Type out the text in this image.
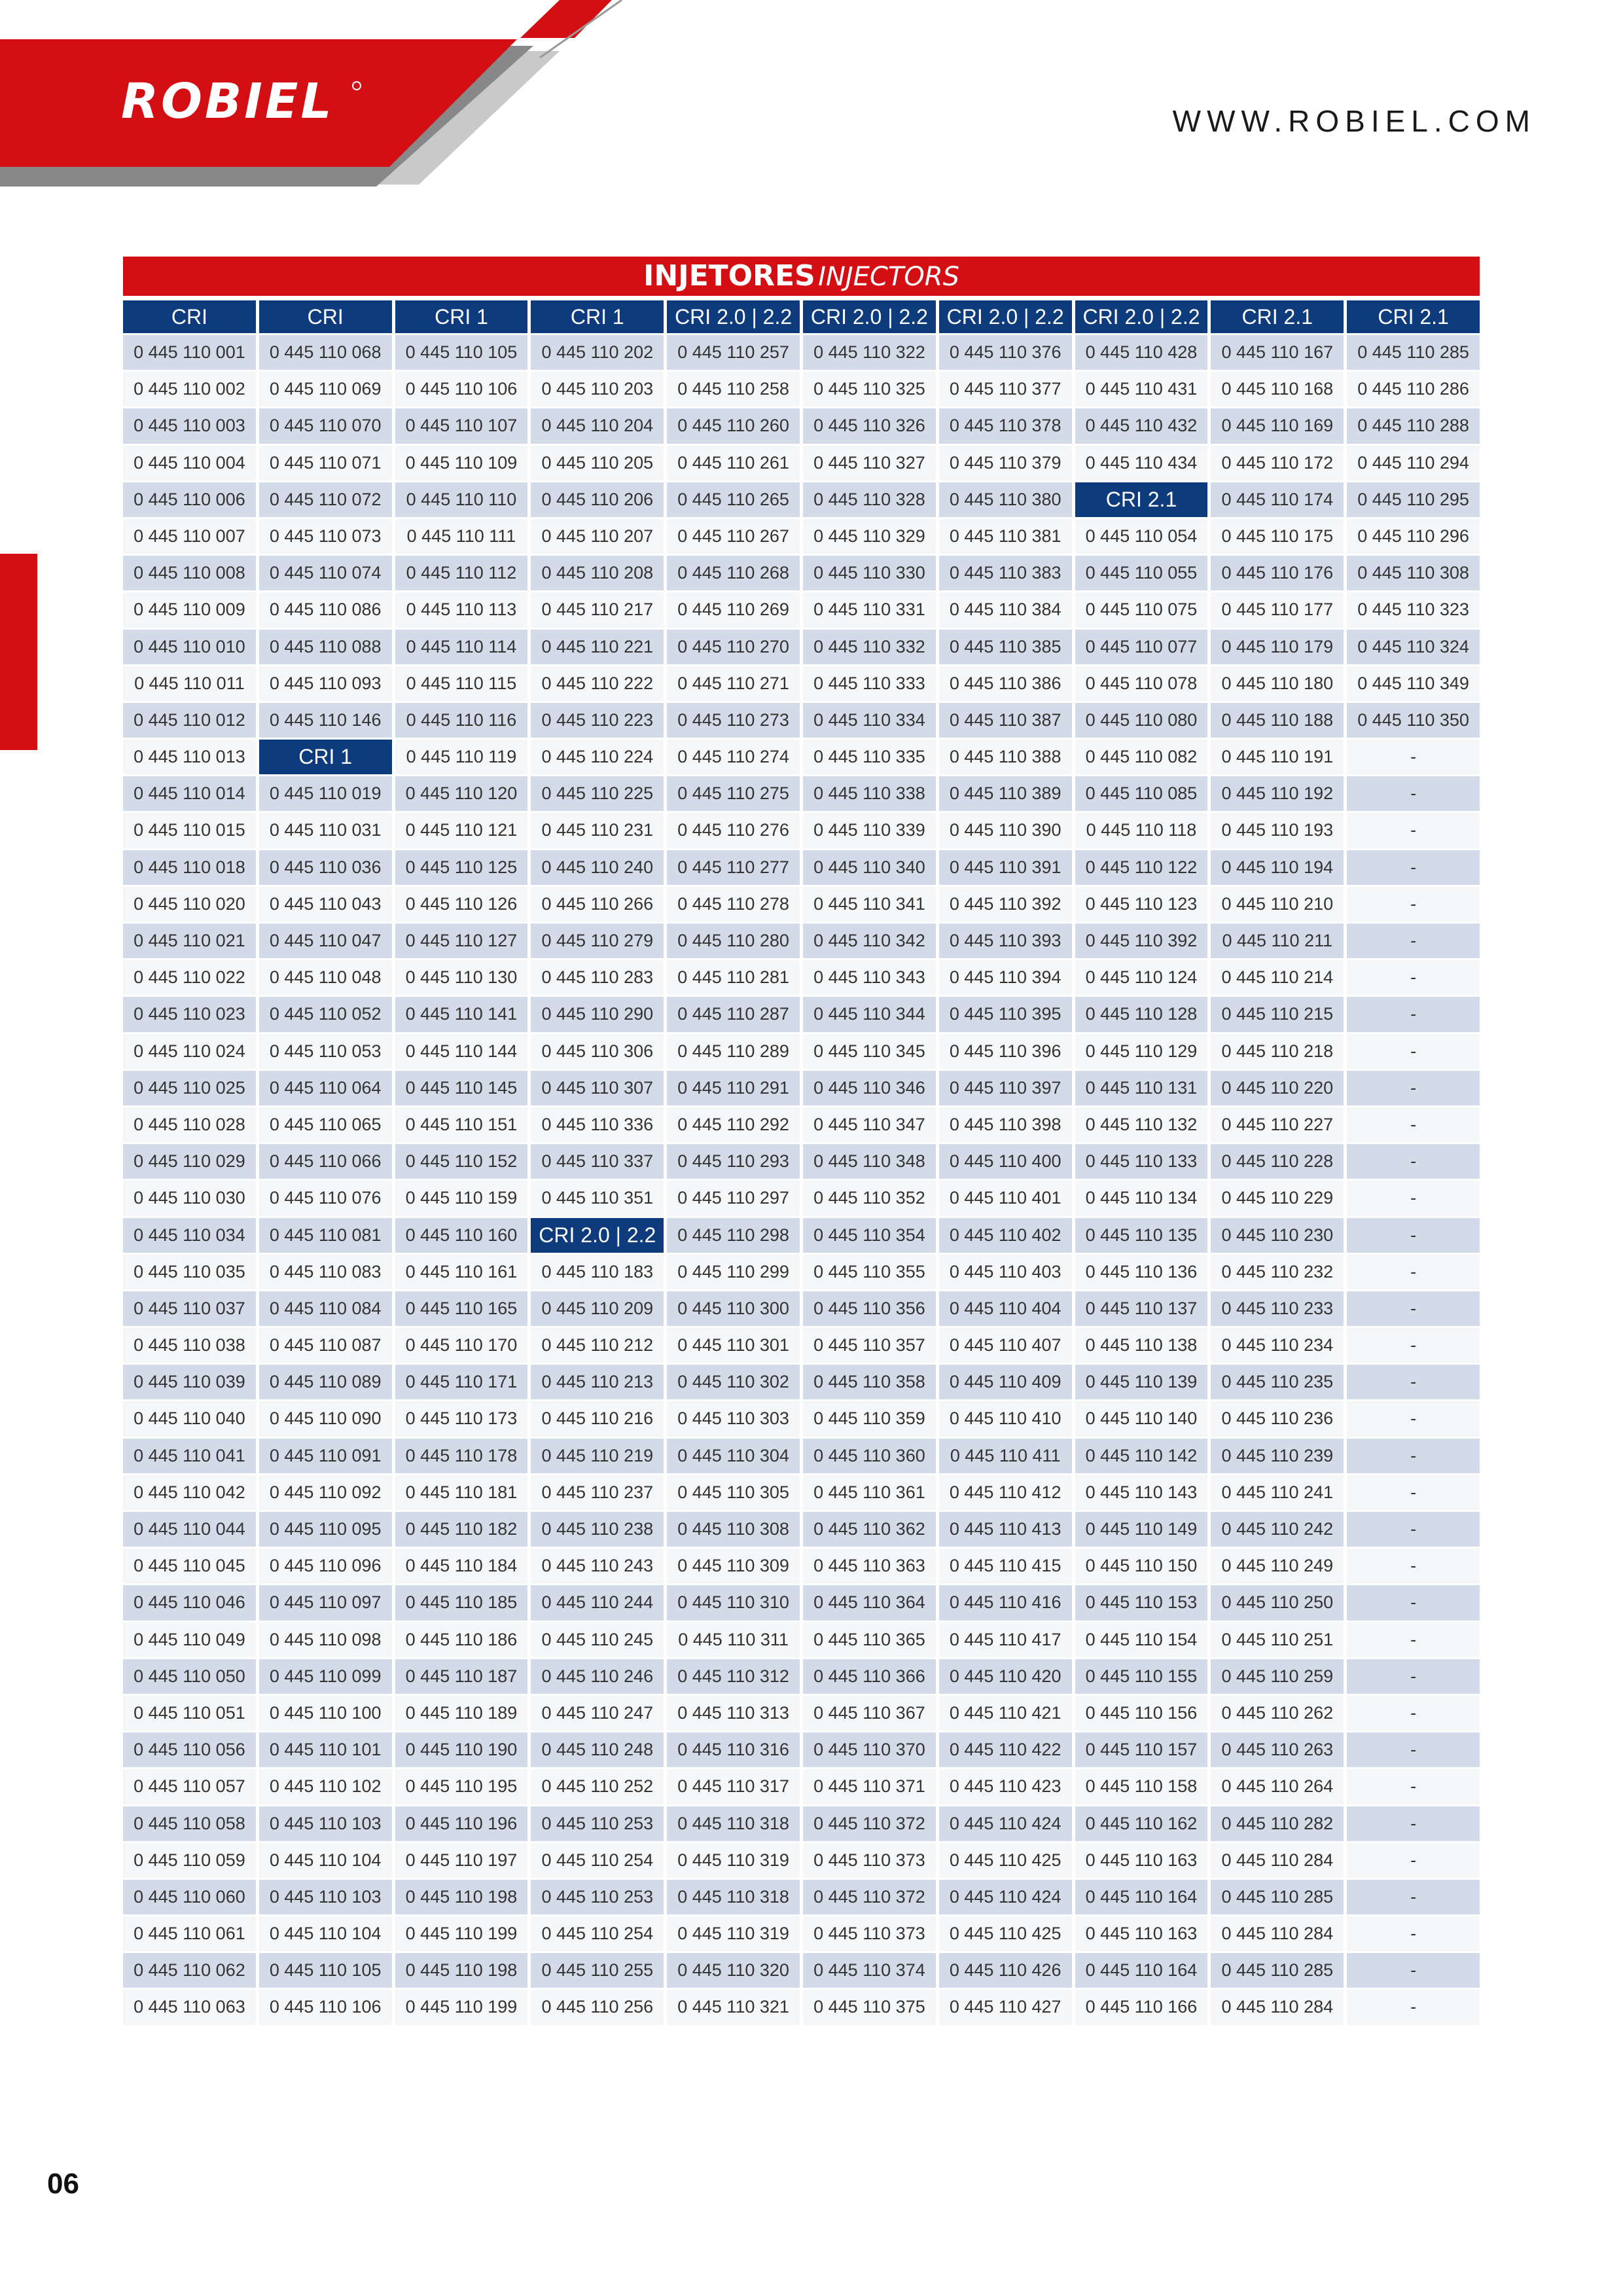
ROBIEL	WWW.ROBIEL.COM
INJETORES INJECTORS
CRI
0 445 110 001
0 445 110 002
0 445 110 003
0 445 110 004
0 445 110 006
0 445 110 007
0 445 110 008
0 445 110 009
0 445 110 010
0 445 110 011
0 445 110 012
0 445 110 013
0 445 110 014
0 445 110 015
0 445 110 018
0 445 110 020
0 445 110 021
0 445 110 022
0 445 110 023
0 445 110 024
0 445 110 025
0 445 110 028
0 445 110 029
0 445 110 030
0 445 110 034
0 445 110 035
0 445 110 037
0 445 110 038
0 445 110 039
0 445 110 040
0 445 110 041
0 445 110 042
0 445 110 044
0 445 110 045
0 445 110 046
0 445 110 049
0 445 110 050
0 445 110 051
0 445 110 056
0 445 110 057
0 445 110 058
0 445 110 059
0 445 110 060
0 445 110 061
0 445 110 062
0 445 110 063
CRI
0 445 110 068
0 445 110 069
0 445 110 070
0 445 110 071
0 445 110 072
0 445 110 073
0 445 110 074
0 445 110 086
0 445 110 088
0 445 110 093
0 445 110 146
CRI 1
0 445 110 019
0 445 110 031
0 445 110 036
0 445 110 043
0 445 110 047
0 445 110 048
0 445 110 052
0 445 110 053
0 445 110 064
0 445 110 065
0 445 110 066
0 445 110 076
0 445 110 081
0 445 110 083
0 445 110 084
0 445 110 087
0 445 110 089
0 445 110 090
0 445 110 091
0 445 110 092
0 445 110 095
0 445 110 096
0 445 110 097
0 445 110 098
0 445 110 099
0 445 110 100
0 445 110 101
0 445 110 102
0 445 110 103
0 445 110 104
0 445 110 103
0 445 110 104
0 445 110 105
0 445 110 106
CRI 1
0 445 110 105
0 445 110 106
0 445 110 107
0 445 110 109
0 445 110 110
0 445 110 111
0 445 110 112
0 445 110 113
0 445 110 114
0 445 110 115
0 445 110 116
0 445 110 119
0 445 110 120
0 445 110 121
0 445 110 125
0 445 110 126
0 445 110 127
0 445 110 130
0 445 110 141
0 445 110 144
0 445 110 145
0 445 110 151
0 445 110 152
0 445 110 159
0 445 110 160
0 445 110 161
0 445 110 165
0 445 110 170
0 445 110 171
0 445 110 173
0 445 110 178
0 445 110 181
0 445 110 182
0 445 110 184
0 445 110 185
0 445 110 186
0 445 110 187
0 445 110 189
0 445 110 190
0 445 110 195
0 445 110 196
0 445 110 197
0 445 110 198
0 445 110 199
0 445 110 198
0 445 110 199
CRI 1
0 445 110 202
0 445 110 203
0 445 110 204
0 445 110 205
0 445 110 206
0 445 110 207
0 445 110 208
0 445 110 217
0 445 110 221
0 445 110 222
0 445 110 223
0 445 110 224
0 445 110 225
0 445 110 231
0 445 110 240
0 445 110 266
0 445 110 279
0 445 110 283
0 445 110 290
0 445 110 306
0 445 110 307
0 445 110 336
0 445 110 337
0 445 110 351
CRI 2.0 | 2.2
0 445 110 183
0 445 110 209
0 445 110 212
0 445 110 213
0 445 110 216
0 445 110 219
0 445 110 237
0 445 110 238
0 445 110 243
0 445 110 244
0 445 110 245
0 445 110 246
0 445 110 247
0 445 110 248
0 445 110 252
0 445 110 253
0 445 110 254
0 445 110 253
0 445 110 254
0 445 110 255
0 445 110 256
CRI 2.0 | 2.2
0 445 110 257
0 445 110 258
0 445 110 260
0 445 110 261
0 445 110 265
0 445 110 267
0 445 110 268
0 445 110 269
0 445 110 270
0 445 110 271
0 445 110 273
0 445 110 274
0 445 110 275
0 445 110 276
0 445 110 277
0 445 110 278
0 445 110 280
0 445 110 281
0 445 110 287
0 445 110 289
0 445 110 291
0 445 110 292
0 445 110 293
0 445 110 297
0 445 110 298
0 445 110 299
0 445 110 300
0 445 110 301
0 445 110 302
0 445 110 303
0 445 110 304
0 445 110 305
0 445 110 308
0 445 110 309
0 445 110 310
0 445 110 311
0 445 110 312
0 445 110 313
0 445 110 316
0 445 110 317
0 445 110 318
0 445 110 319
0 445 110 318
0 445 110 319
0 445 110 320
0 445 110 321
CRI 2.0 | 2.2
0 445 110 322
0 445 110 325
0 445 110 326
0 445 110 327
0 445 110 328
0 445 110 329
0 445 110 330
0 445 110 331
0 445 110 332
0 445 110 333
0 445 110 334
0 445 110 335
0 445 110 338
0 445 110 339
0 445 110 340
0 445 110 341
0 445 110 342
0 445 110 343
0 445 110 344
0 445 110 345
0 445 110 346
0 445 110 347
0 445 110 348
0 445 110 352
0 445 110 354
0 445 110 355
0 445 110 356
0 445 110 357
0 445 110 358
0 445 110 359
0 445 110 360
0 445 110 361
0 445 110 362
0 445 110 363
0 445 110 364
0 445 110 365
0 445 110 366
0 445 110 367
0 445 110 370
0 445 110 371
0 445 110 372
0 445 110 373
0 445 110 372
0 445 110 373
0 445 110 374
0 445 110 375
CRI 2.0 | 2.2
0 445 110 376
0 445 110 377
0 445 110 378
0 445 110 379
0 445 110 380
0 445 110 381
0 445 110 383
0 445 110 384
0 445 110 385
0 445 110 386
0 445 110 387
0 445 110 388
0 445 110 389
0 445 110 390
0 445 110 391
0 445 110 392
0 445 110 393
0 445 110 394
0 445 110 395
0 445 110 396
0 445 110 397
0 445 110 398
0 445 110 400
0 445 110 401
0 445 110 402
0 445 110 403
0 445 110 404
0 445 110 407
0 445 110 409
0 445 110 410
0 445 110 411
0 445 110 412
0 445 110 413
0 445 110 415
0 445 110 416
0 445 110 417
0 445 110 420
0 445 110 421
0 445 110 422
0 445 110 423
0 445 110 424
0 445 110 425
0 445 110 424
0 445 110 425
0 445 110 426
0 445 110 427
CRI 2.0 | 2.2
0 445 110 428
0 445 110 431
0 445 110 432
0 445 110 434
CRI 2.1
0 445 110 054
0 445 110 055
0 445 110 075
0 445 110 077
0 445 110 078
0 445 110 080
0 445 110 082
0 445 110 085
0 445 110 118
0 445 110 122
0 445 110 123
0 445 110 392
0 445 110 124
0 445 110 128
0 445 110 129
0 445 110 131
0 445 110 132
0 445 110 133
0 445 110 134
0 445 110 135
0 445 110 136
0 445 110 137
0 445 110 138
0 445 110 139
0 445 110 140
0 445 110 142
0 445 110 143
0 445 110 149
0 445 110 150
0 445 110 153
0 445 110 154
0 445 110 155
0 445 110 156
0 445 110 157
0 445 110 158
0 445 110 162
0 445 110 163
0 445 110 164
0 445 110 163
0 445 110 164
0 445 110 166
CRI 2.1
0 445 110 167
0 445 110 168
0 445 110 169
0 445 110 172
0 445 110 174
0 445 110 175
0 445 110 176
0 445 110 177
0 445 110 179
0 445 110 180
0 445 110 188
0 445 110 191
0 445 110 192
0 445 110 193
0 445 110 194
0 445 110 210
0 445 110 211
0 445 110 214
0 445 110 215
0 445 110 218
0 445 110 220
0 445 110 227
0 445 110 228
0 445 110 229
0 445 110 230
0 445 110 232
0 445 110 233
0 445 110 234
0 445 110 235
0 445 110 236
0 445 110 239
0 445 110 241
0 445 110 242
0 445 110 249
0 445 110 250
0 445 110 251
0 445 110 259
0 445 110 262
0 445 110 263
0 445 110 264
0 445 110 282
0 445 110 284
0 445 110 285
0 445 110 284
0 445 110 285
0 445 110 284
CRI 2.1
0 445 110 285
0 445 110 286
0 445 110 288
0 445 110 294
0 445 110 295
0 445 110 296
0 445 110 308
0 445 110 323
0 445 110 324
0 445 110 349
0 445 110 350
-
-
-
-
-
-
-
-
-
-
-
-
-
-
-
-
-
-
-
-
-
-
-
-
-
-
-
-
-
-
-
-
-
-
-
06
